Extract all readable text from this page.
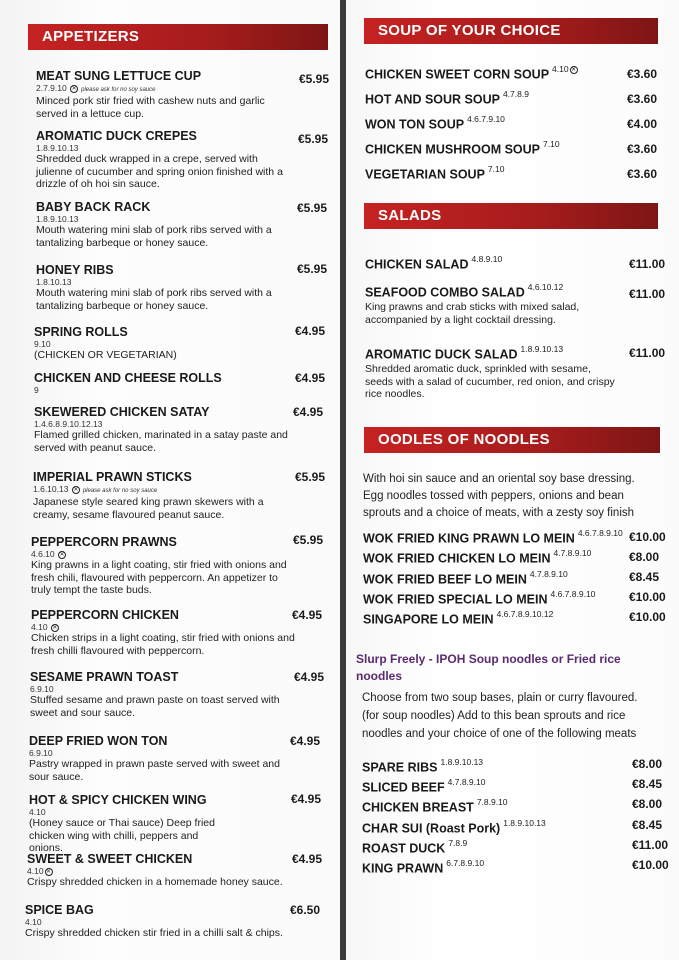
APPETIZERS
MEAT SUNG LETTUCE CUP
2.7.9.10 ✕ please ask for no soy sauce
Minced pork stir fried with cashew nuts and garlic served in a lettuce cup.
€5.95
AROMATIC DUCK CREPES
1.8.9.10.13
Shredded duck wrapped in a crepe, served with julienne of cucumber and spring onion finished with a drizzle of oh hoi sin sauce.
€5.95
BABY BACK RACK
1.8.9.10.13
Mouth watering mini slab of pork ribs served with a tantalizing barbeque or honey sauce.
€5.95
HONEY RIBS
1.8.10.13
Mouth watering mini slab of pork ribs served with a tantalizing barbeque or honey sauce.
€5.95
SPRING ROLLS
9.10
(CHICKEN OR VEGETARIAN)
€4.95
CHICKEN AND CHEESE ROLLS
9
€4.95
SKEWERED CHICKEN SATAY
1.4.6.8.9.10.12.13
Flamed grilled chicken, marinated in a satay paste and served with peanut sauce.
€4.95
IMPERIAL PRAWN STICKS
1.6.10.13 ✕ please ask for no soy sauce
Japanese style seared king prawn skewers with a creamy, sesame flavoured peanut sauce.
€5.95
PEPPERCORN PRAWNS
4.6.10 ✕
King prawns in a light coating, stir fried with onions and fresh chili, flavoured with peppercorn. An appetizer to truly tempt the taste buds.
€5.95
PEPPERCORN CHICKEN
4.10 ✕
Chicken strips in a light coating, stir fried with onions and fresh chilli flavoured with peppercorn.
€4.95
SESAME PRAWN TOAST
6.9.10
Stuffed sesame and prawn paste on toast served with sweet and sour sauce.
€4.95
DEEP FRIED WON TON
6.9.10
Pastry wrapped in prawn paste served with sweet and sour sauce.
€4.95
HOT & SPICY CHICKEN WING
4.10
(Honey sauce or Thai sauce) Deep fried chicken wing with chilli, peppers and onions.
€4.95
SWEET & SWEET CHICKEN
4.10 ✕
Crispy shredded chicken in a homemade honey sauce.
€4.95
SPICE BAG
4.10
Crispy shredded chicken stir fried in a chilli salt & chips.
€6.50
SOUP OF YOUR CHOICE
CHICKEN SWEET CORN SOUP $^{4.10 ✕}$	€3.60
HOT AND SOUR SOUP $^{4.7.8.9}$	€3.60
WON TON SOUP $^{4.6.7.9.10}$	€4.00
CHICKEN MUSHROOM SOUP $^{7.10}$	€3.60
VEGETARIAN SOUP $^{7.10}$	€3.60
SALADS
CHICKEN SALAD $^{4.8.9.10}$	€11.00
SEAFOOD COMBO SALAD $^{4.6.10.12}$
King prawns and crab sticks with mixed salad, accompanied by a light cocktail dressing.
€11.00
AROMATIC DUCK SALAD $^{1.8.9.10.13}$
Shredded aromatic duck, sprinkled with sesame, seeds with a salad of cucumber, red onion, and crispy rice noodles.
€11.00
OODLES OF NOODLES
With hoi sin sauce and an oriental soy base dressing.
Egg noodles tossed with peppers, onions and bean
sprouts and a choice of meats, with a zesty soy finish
WOK FRIED KING PRAWN LO MEIN $^{4.6.7.8.9.10}$ €10.00
WOK FRIED CHICKEN LO MEIN $^{4.7.8.9.10}$	€8.00
WOK FRIED BEEF LO MEIN $^{4.7.8.9.10}$	€8.45
WOK FRIED SPECIAL LO MEIN $^{4.6.7.8.9.10}$	€10.00
SINGAPORE LO MEIN $^{4.6.7.8.9.10.12}$	€10.00
Slurp Freely - IPOH Soup noodles or Fried rice
noodles
Choose from two soup bases, plain or curry flavoured.
(for soup noodles) Add to this bean sprouts and rice
noodles and your choice of one of the following meats
SPARE RIBS $^{1.8.9.10.13}$	€8.00
SLICED BEEF $^{4.7.8.9.10}$	€8.45
CHICKEN BREAST $^{7.8.9.10}$	€8.00
CHAR SUI (Roast Pork) $^{1.8.9.10.13}$	€8.45
ROAST DUCK $^{7.8.9}$	€11.00
KING PRAWN $^{6.7.8.9.10}$	€10.00
